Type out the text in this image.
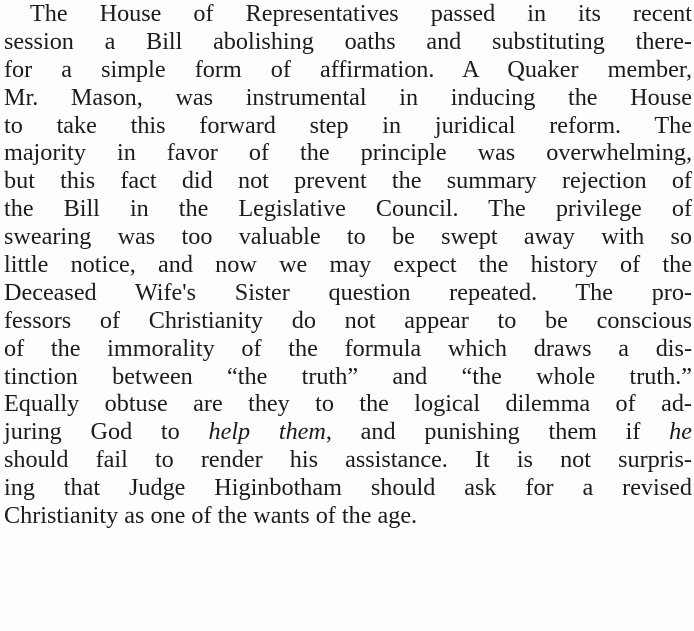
The House of Representatives passed in its recent
session a Bill abolishing oaths and substituting there-
for a simple form of affirmation. A Quaker member,
Mr. Mason, was instrumental in inducing the House
to take this forward step in juridical reform. The
majority in favor of the principle was overwhelming,
but this fact did not prevent the summary rejection of
the Bill in the Legislative Council. The privilege of
swearing was too valuable to be swept away with so
little notice, and now we may expect the history of the
Deceased Wife's Sister question repeated. The pro-
fessors of Christianity do not appear to be conscious
of the immorality of the formula which draws a dis-
tinction between “the truth” and “the whole truth.”
Equally obtuse are they to the logical dilemma of ad-
juring God to help them, and punishing them if he
should fail to render his assistance. It is not surpris-
ing that Judge Higinbotham should ask for a revised
Christianity as one of the wants of the age.
